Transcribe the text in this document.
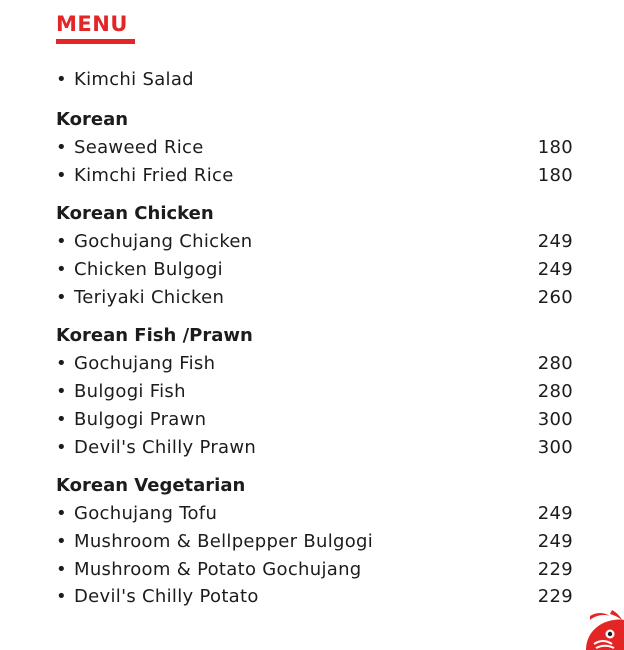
MENU
• Kimchi Salad
Korean
• Seaweed Rice	180
• Kimchi Fried Rice	180
Korean Chicken
• Gochujang Chicken	249
• Chicken Bulgogi	249
• Teriyaki Chicken	260
Korean Fish /Prawn
• Gochujang Fish	280
• Bulgogi Fish	280
• Bulgogi Prawn	300
• Devil's Chilly Prawn	300
Korean Vegetarian
• Gochujang Tofu	249
• Mushroom & Bellpepper Bulgogi	249
• Mushroom & Potato Gochujang	229
• Devil's Chilly Potato	229
